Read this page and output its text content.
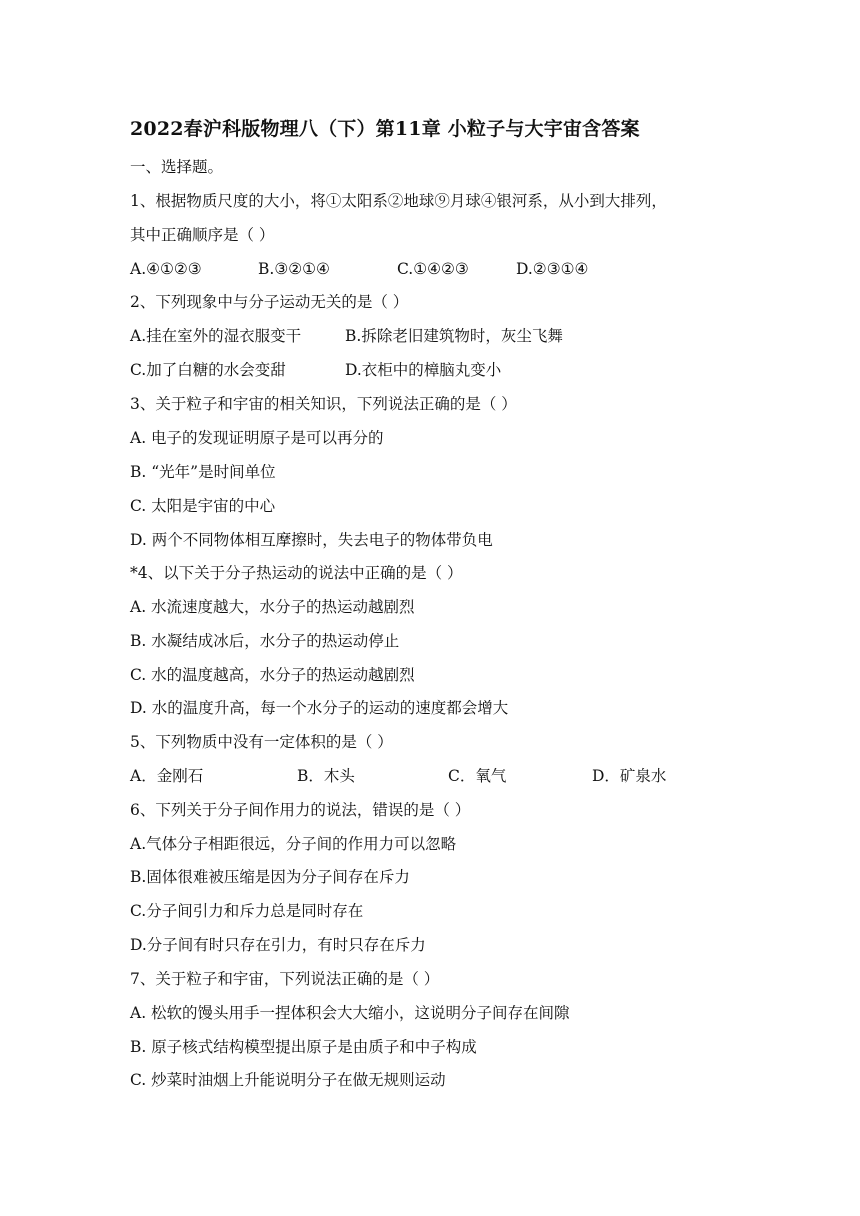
2022春沪科版物理八（下）第11章 小粒子与大宇宙含答案
一、选择题。
1、根据物质尺度的大小，将①太阳系②地球⑨月球④银河系，从小到大排列，
其中正确顺序是（ ）
A.④①②③	B.③②①④	C.①④②③	D.②③①④
2、下列现象中与分子运动无关的是（ ）
A.挂在室外的湿衣服变干	B.拆除老旧建筑物时，灰尘飞舞
C.加了白糖的水会变甜	D.衣柜中的樟脑丸变小
3、关于粒子和宇宙的相关知识，下列说法正确的是（ ）
A. 电子的发现证明原子是可以再分的
B. “光年”是时间单位
C. 太阳是宇宙的中心
D. 两个不同物体相互摩擦时，失去电子的物体带负电
*4、以下关于分子热运动的说法中正确的是（ ）
A. 水流速度越大，水分子的热运动越剧烈
B. 水凝结成冰后，水分子的热运动停止
C. 水的温度越高，水分子的热运动越剧烈
D. 水的温度升高，每一个水分子的运动的速度都会增大
5、下列物质中没有一定体积的是（ ）
A．金刚石	B．木头	C．氧气	D．矿泉水
6、下列关于分子间作用力的说法，错误的是（ ）
A.气体分子相距很远，分子间的作用力可以忽略
B.固体很难被压缩是因为分子间存在斥力
C.分子间引力和斥力总是同时存在
D.分子间有时只存在引力，有时只存在斥力
7、关于粒子和宇宙，下列说法正确的是（ ）
A. 松软的馒头用手一捏体积会大大缩小，这说明分子间存在间隙
B. 原子核式结构模型提出原子是由质子和中子构成
C. 炒菜时油烟上升能说明分子在做无规则运动
